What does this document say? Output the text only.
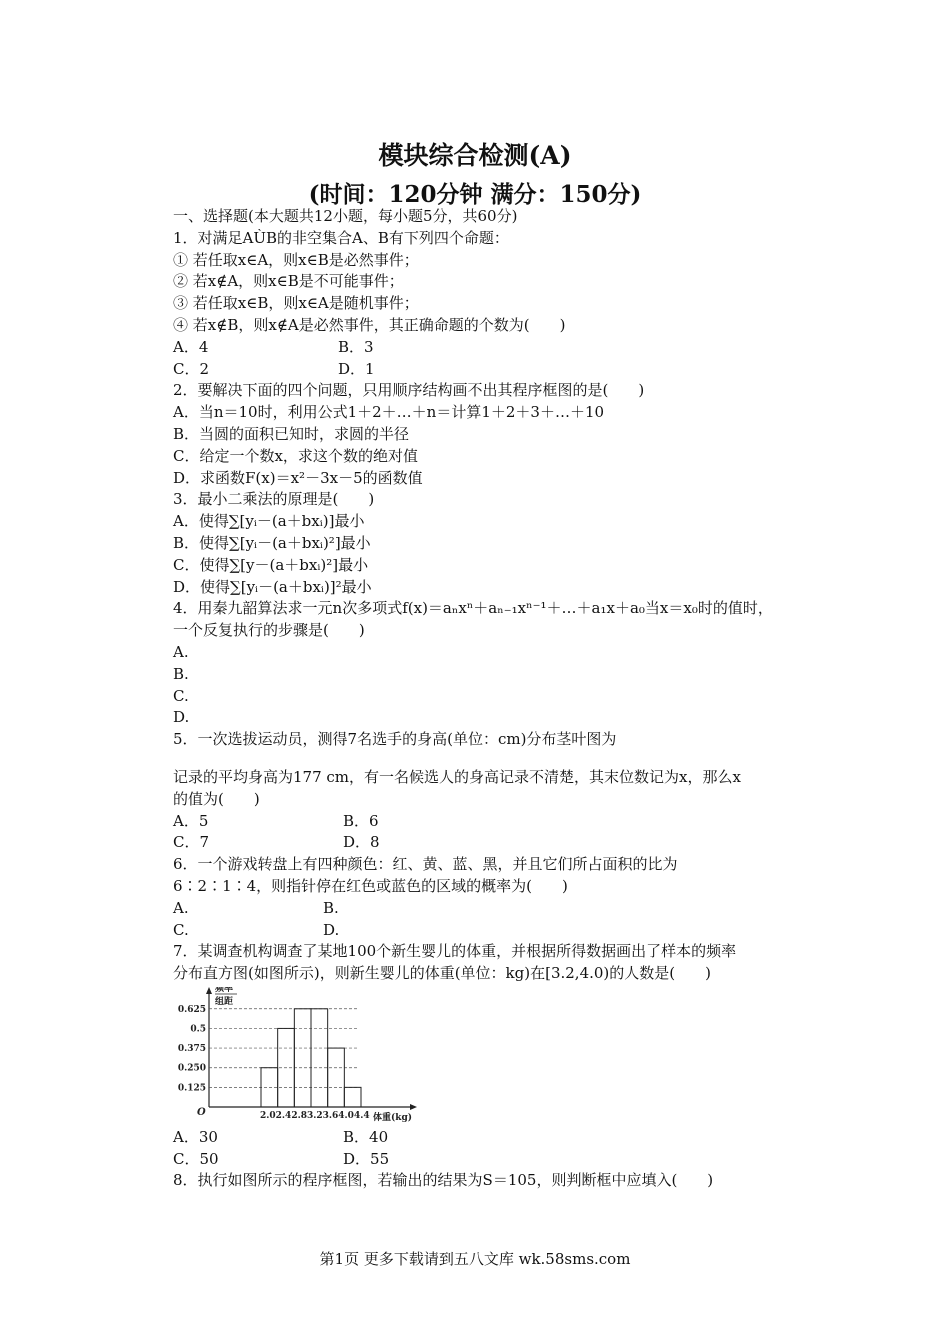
模块综合检测(A)
(时间：120分钟 满分：150分)
一、选择题(本大题共12小题，每小题5分，共60分)
1．对满足AÙB的非空集合A、B有下列四个命题：
① 若任取x∈A，则x∈B是必然事件；
② 若x∉A，则x∈B是不可能事件；
③ 若任取x∈B，则x∈A是随机事件；
④ 若x∉B，则x∉A是必然事件，其正确命题的个数为(　　)
A．4	B．3
C．2	D．1
2．要解决下面的四个问题，只用顺序结构画不出其程序框图的是(　　)
A．当n＝10时，利用公式1＋2＋…＋n＝计算1＋2＋3＋…＋10
B．当圆的面积已知时，求圆的半径
C．给定一个数x，求这个数的绝对值
D．求函数F(x)＝x²－3x－5的函数值
3．最小二乘法的原理是(　　)
A．使得∑[yᵢ－(a＋bxᵢ)]最小
B．使得∑[yᵢ－(a＋bxᵢ)²]最小
C．使得∑[y－(a＋bxᵢ)²]最小
D．使得∑[yᵢ－(a＋bxᵢ)]²最小
4．用秦九韶算法求一元n次多项式f(x)＝aₙxⁿ＋aₙ₋₁xⁿ⁻¹＋…＋a₁x＋a₀当x＝x₀时的值时，
一个反复执行的步骤是(　　)
A.
B.
C.
D.
5．一次选拔运动员，测得7名选手的身高(单位：cm)分布茎叶图为
记录的平均身高为177 cm，有一名候选人的身高记录不清楚，其末位数记为x，那么x
的值为(　　)
A．5	B．6
C．7	D．8
6．一个游戏转盘上有四种颜色：红、黄、蓝、黑，并且它们所占面积的比为
6∶2∶1∶4，则指针停在红色或蓝色的区域的概率为(　　)
A.	B.
C.	D.
7．某调查机构调查了某地100个新生婴儿的体重，并根据所得数据画出了样本的频率
分布直方图(如图所示)，则新生婴儿的体重(单位：kg)在[3.2,4.0)的人数是(　　)
0.625
0.5
0.375
0.250
0.125
2.02.42.83.23.64.04.4
O	体重(kg)
频率
组距
A．30	B．40
C．50	D．55
8．执行如图所示的程序框图，若输出的结果为S＝105，则判断框中应填入(　　)
第1页 更多下载请到五八文库 wk.58sms.com
